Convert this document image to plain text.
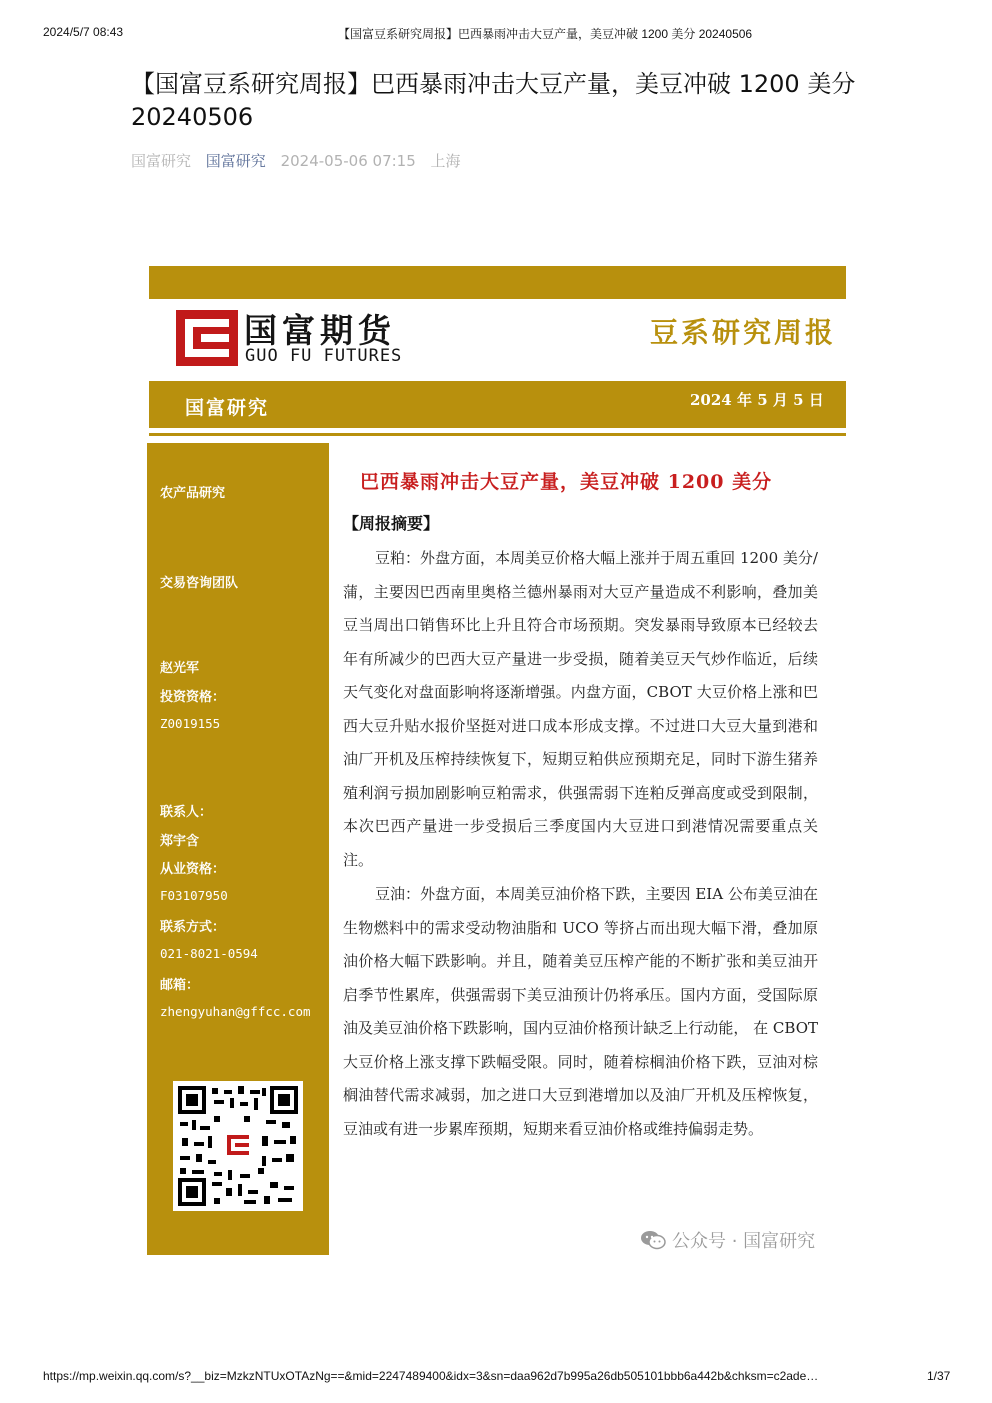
2024/5/7 08:43	【国富豆系研究周报】巴西暴雨冲击大豆产量，美豆冲破 1200 美分 20240506
【国富豆系研究周报】巴西暴雨冲击大豆产量，美豆冲破 1200 美分 20240506
国富研究 国富研究 2024-05-06 07:15 上海
国富期货
GUO FU FUTURES
豆系研究周报
国富研究	2024 年 5 月 5 日
农产品研究
交易咨询团队
赵光军
投资资格：
Z0019155
联系人：
郑宇含
从业资格：
F03107950
联系方式：
021-8021-0594
邮箱：
zhengyuhan@gffcc.com
巴西暴雨冲击大豆产量，美豆冲破 1200 美分
【周报摘要】

豆粕：外盘方面，本周美豆价格大幅上涨并于周五重回 1200 美分/蒲，主要因巴西南里奥格兰德州暴雨对大豆产量造成不利影响，叠加美豆当周出口销售环比上升且符合市场预期。突发暴雨导致原本已经较去年有所减少的巴西大豆产量进一步受损，随着美豆天气炒作临近，后续天气变化对盘面影响将逐渐增强。内盘方面，CBOT 大豆价格上涨和巴西大豆升贴水报价坚挺对进口成本形成支撑。不过进口大豆大量到港和油厂开机及压榨持续恢复下，短期豆粕供应预期充足，同时下游生猪养殖利润亏损加剧影响豆粕需求，供强需弱下连粕反弹高度或受到限制，本次巴西产量进一步受损后三季度国内大豆进口到港情况需要重点关注。

豆油：外盘方面，本周美豆油价格下跌，主要因 EIA 公布美豆油在生物燃料中的需求受动物油脂和 UCO 等挤占而出现大幅下滑，叠加原油价格大幅下跌影响。并且，随着美豆压榨产能的不断扩张和美豆油开启季节性累库，供强需弱下美豆油预计仍将承压。国内方面，受国际原油及美豆油价格下跌影响，国内豆油价格预计缺乏上行动能， 在 CBOT 大豆价格上涨支撑下跌幅受限。同时，随着棕榈油价格下跌，豆油对棕榈油替代需求减弱，加之进口大豆到港增加以及油厂开机及压榨恢复，豆油或有进一步累库预期，短期来看豆油价格或维持偏弱走势。

公众号 · 国富研究
https://mp.weixin.qq.com/s?__biz=MzkzNTUxOTAzNg==&mid=2247489400&idx=3&sn=daa962d7b995a26db505101bbb6a442b&chksm=c2ade…	1/37
